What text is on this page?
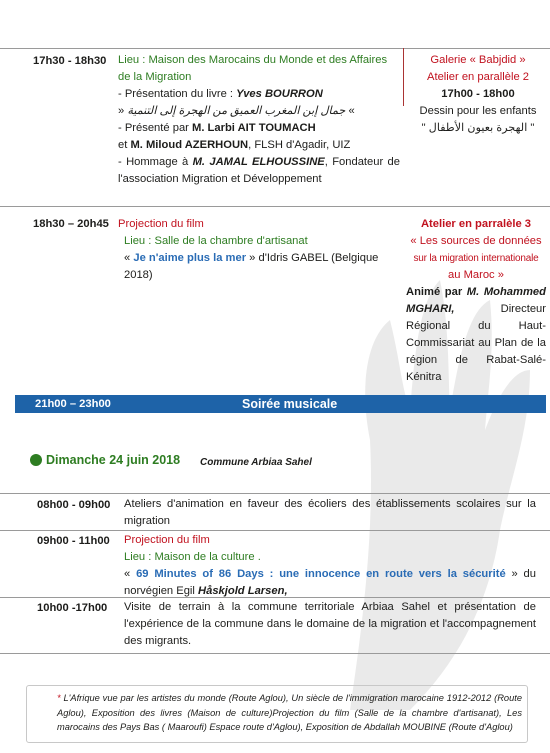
17h30 - 18h30 Lieu : Maison des Marocains du Monde et des Affaires de la Migration

- Présentation du livre : Yves BOURRON

» جمال إبن المغرب العميق من الهجرة إلى التنمية «

- Présenté par M. Larbi AIT TOUMACH

et M. Miloud AZERHOUN, FLSH d'Agadir, UIZ

- Hommage à M. JAMAL ELHOUSSINE, Fondateur de l'association Migration et Développement

Galerie « Babjdid »

Atelier en parallèle 2

17h00 - 18h00

Dessin pour les enfants

" الهجرة بعيون الأطفال "

18h30 – 20h45 Projection du film

Lieu : Salle de la chambre d'artisanat

« Je n'aime plus la mer » d'Idris GABEL (Belgique 2018)

Atelier en parralèle 3

« Les sources de données

sur la migration internationale

au Maroc »

Animé par M. Mohammed MGHARI, Directeur Régional du Haut-Commissariat au Plan de la région de Rabat-Salé-Kénitra

21h00 – 23h00	Soirée musicale
Dimanche 24 juin 2018 Commune Arbiaa Sahel
08h00 - 09h00 Ateliers d'animation en faveur des écoliers des établissements scolaires sur la migration
09h00 - 11h00 Projection du film

Lieu : Maison de la culture .

« 69 Minutes of 86 Days : une innocence en route vers la sécurité » du norvégien Egil Håskjold Larsen,

10h00 -17h00 Visite de terrain à la commune territoriale Arbiaa Sahel et présentation de l'expérience de la commune dans le domaine de la migration et l'accompagnement des migrants.

* L'Afrique vue par les artistes du monde (Route Aglou), Un siècle de l'immigration marocaine 1912-2012 (Route Aglou), Exposition des livres (Maison de culture)Projection du film (Salle de la chambre d'artisanat), Les marocains des Pays Bas ( Maaroufi) Espace route d'Aglou), Exposition de Abdallah MOUBINE (Route d'Aglou)
